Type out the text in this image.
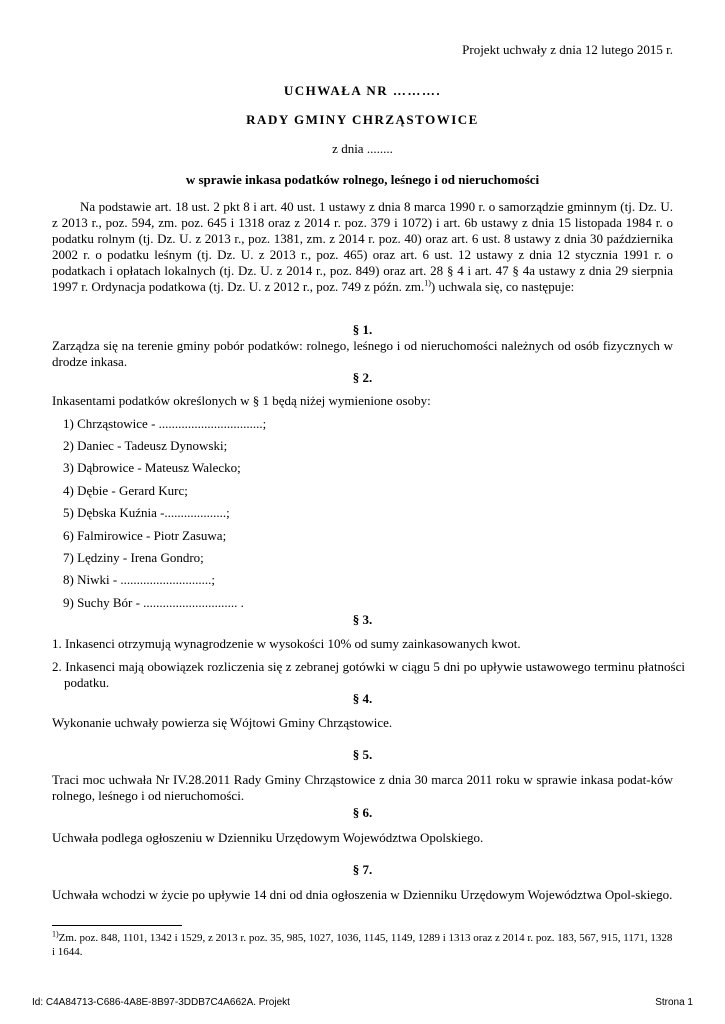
Projekt uchwały z dnia 12 lutego 2015 r.

UCHWAŁA NR ……….

RADY GMINY CHRZĄSTOWICE

z dnia ........

w sprawie inkasa podatków rolnego, leśnego i od nieruchomości

Na podstawie art. 18 ust. 2 pkt 8 i art. 40 ust. 1 ustawy z dnia 8 marca 1990 r. o samorządzie gminnym (tj. Dz. U. z 2013 r., poz. 594, zm. poz. 645 i 1318 oraz z 2014 r. poz. 379 i 1072) i art. 6b ustawy z dnia 15 listopada 1984 r. o podatku rolnym (tj. Dz. U. z 2013 r., poz. 1381, zm. z 2014 r. poz. 40) oraz art. 6 ust. 8 ustawy z dnia 30 października 2002 r. o podatku leśnym (tj. Dz. U. z 2013 r., poz. 465) oraz art. 6 ust. 12 ustawy z dnia 12 stycznia 1991 r. o podatkach i opłatach lokalnych (tj. Dz. U. z 2014 r., poz. 849) oraz art. 28 § 4 i art. 47 § 4a ustawy z dnia 29 sierpnia 1997 r. Ordynacja podatkowa (tj. Dz. U. z 2012 r., poz. 749 z późn. zm.$^{1)}$) uchwala się, co następuje:

§ 1.

Zarządza się na terenie gminy pobór podatków: rolnego, leśnego i od nieruchomości należnych od osób fizycznych w drodze inkasa.

§ 2.

Inkasentami podatków określonych w § 1 będą niżej wymienione osoby:

1) Chrząstowice - ................................;

2) Daniec - Tadeusz Dynowski;

3) Dąbrowice - Mateusz Walecko;

4) Dębie - Gerard Kurc;

5) Dębska Kuźnia -...................;

6) Falmirowice - Piotr Zasuwa;

7) Lędziny - Irena Gondro;

8) Niwki - ............................;

9) Suchy Bór - ............................. .

§ 3.

1. Inkasenci otrzymują wynagrodzenie w wysokości 10% od sumy zainkasowanych kwot.

2. Inkasenci mają obowiązek rozliczenia się z zebranej gotówki w ciągu 5 dni po upływie ustawowego terminu płatności podatku.

§ 4.

Wykonanie uchwały powierza się Wójtowi Gminy Chrząstowice.

§ 5.

Traci moc uchwała Nr IV.28.2011 Rady Gminy Chrząstowice z dnia 30 marca 2011 roku w sprawie inkasa podat-ków rolnego, leśnego i od nieruchomości.

§ 6.

Uchwała podlega ogłoszeniu w Dzienniku Urzędowym Województwa Opolskiego.

§ 7.

Uchwała wchodzi w życie po upływie 14 dni od dnia ogłoszenia w Dzienniku Urzędowym Województwa Opol-skiego.

$^{1)}$Zm. poz. 848, 1101, 1342 i 1529, z 2013 r. poz. 35, 985, 1027, 1036, 1145, 1149, 1289 i 1313 oraz z 2014 r. poz. 183, 567, 915, 1171, 1328 i 1644.

Id: C4A84713-C686-4A8E-8B97-3DDB7C4A662A. Projekt	Strona 1
